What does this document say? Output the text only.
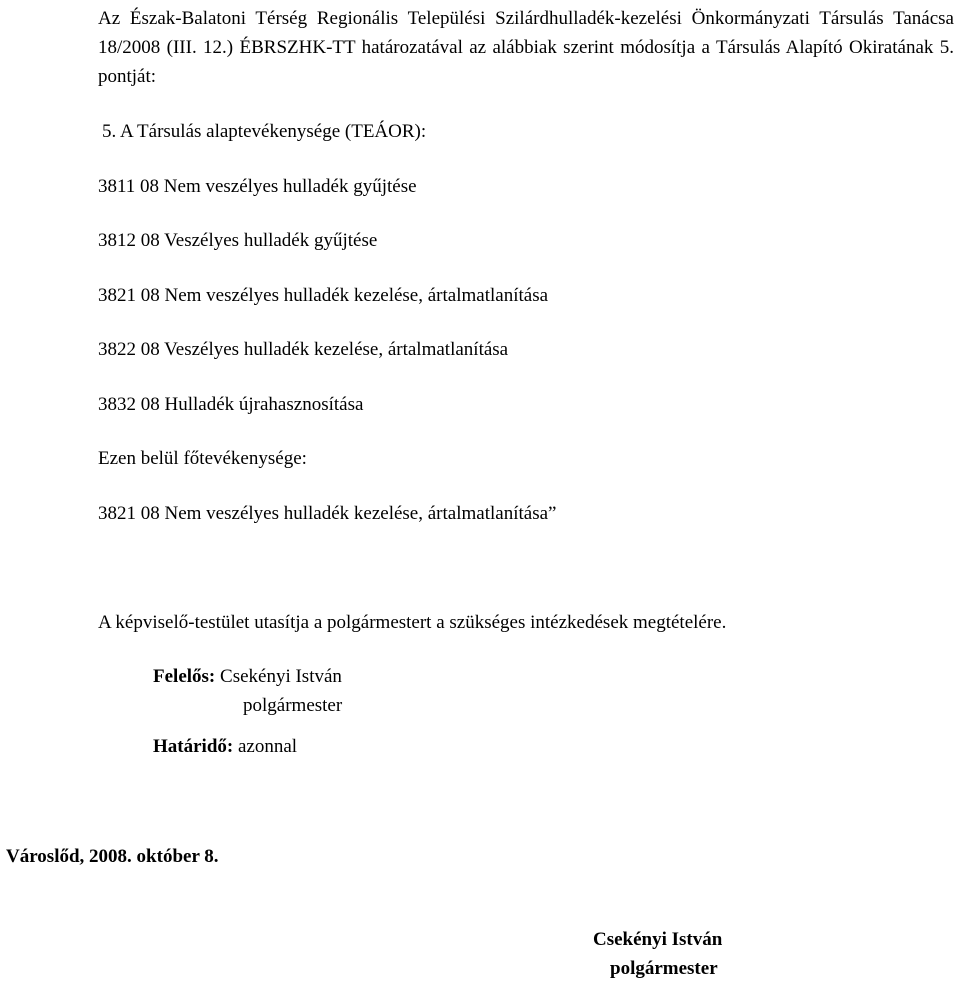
Az Észak-Balatoni Térség Regionális Települési Szilárdhulladék-kezelési Önkormányzati Társulás Tanácsa 18/2008 (III. 12.) ÉBRSZHK-TT határozatával az alábbiak szerint módosítja a Társulás Alapító Okiratának 5. pontját:

5. A Társulás alaptevékenysége (TEÁOR):

3811 08 Nem veszélyes hulladék gyűjtése

3812 08 Veszélyes hulladék gyűjtése

3821 08 Nem veszélyes hulladék kezelése, ártalmatlanítása

3822 08 Veszélyes hulladék kezelése, ártalmatlanítása

3832 08 Hulladék újrahasznosítása

Ezen belül főtevékenysége:

3821 08 Nem veszélyes hulladék kezelése, ártalmatlanítása”

A képviselő-testület utasítja a polgármestert a szükséges intézkedések megtételére.

Felelős: Csekényi István

polgármester

Határidő: azonnal

Városlőd, 2008. október 8.

Csekényi István

polgármester
